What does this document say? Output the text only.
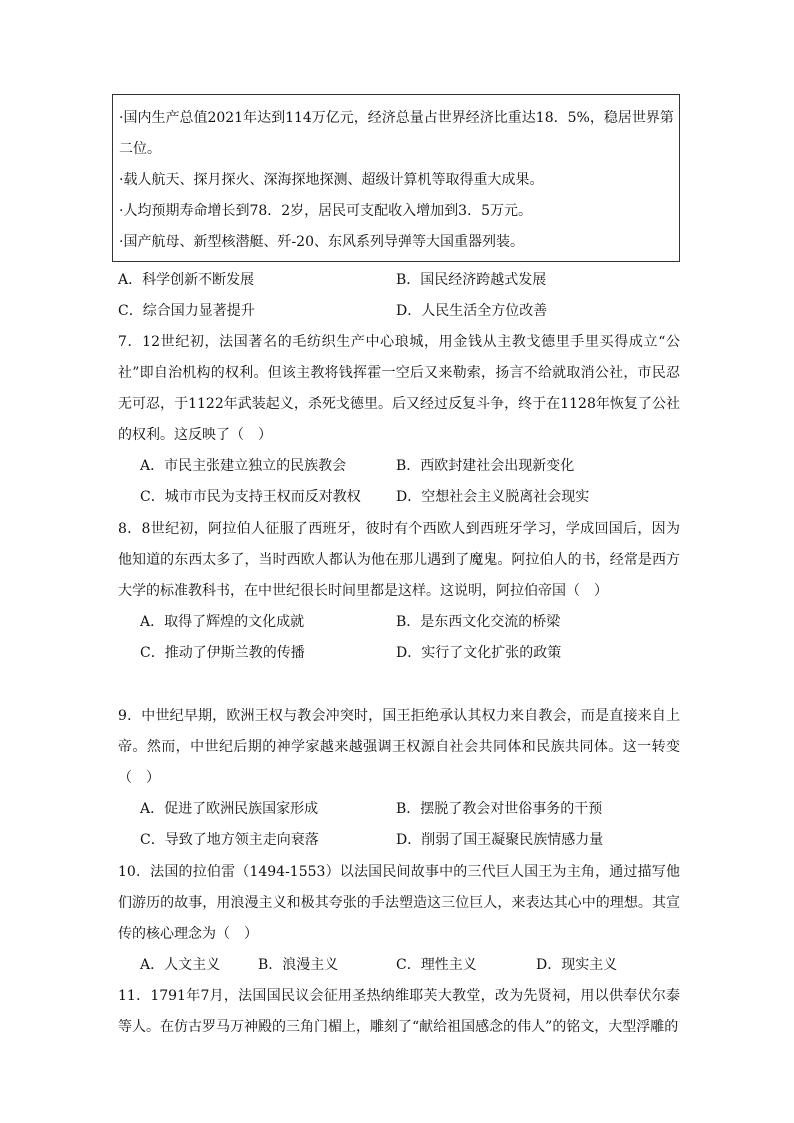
·国内生产总值2021年达到114万亿元，经济总量占世界经济比重达18．5%，稳居世界第
二位。
·载人航天、探月探火、深海探地探测、超级计算机等取得重大成果。
·人均预期寿命增长到78．2岁，居民可支配收入增加到3．5万元。
·国产航母、新型核潜艇、歼-20、东风系列导弹等大国重器列装。
A．科学创新不断发展	B．国民经济跨越式发展
C．综合国力显著提升	D．人民生活全方位改善
7．12世纪初，法国著名的毛纺织生产中心琅城，用金钱从主教戈德里手里买得成立“公社”即自治机构的权利。但该主教将钱挥霍一空后又来勒索，扬言不给就取消公社，市民忍无可忍，于1122年武装起义，杀死戈德里。后又经过反复斗争，终于在1128年恢复了公社的权利。这反映了（　）
A．市民主张建立独立的民族教会	B．西欧封建社会出现新变化
C．城市市民为支持王权而反对教权	D．空想社会主义脱离社会现实
8．8世纪初，阿拉伯人征服了西班牙，彼时有个西欧人到西班牙学习，学成回国后，因为他知道的东西太多了，当时西欧人都认为他在那儿遇到了魔鬼。阿拉伯人的书，经常是西方大学的标准教科书，在中世纪很长时间里都是这样。这说明，阿拉伯帝国（　）
A．取得了辉煌的文化成就	B．是东西文化交流的桥梁
C．推动了伊斯兰教的传播	D．实行了文化扩张的政策
9．中世纪早期，欧洲王权与教会冲突时，国王拒绝承认其权力来自教会，而是直接来自上帝。然而，中世纪后期的神学家越来越强调王权源自社会共同体和民族共同体。这一转变（　）
A．促进了欧洲民族国家形成	B．摆脱了教会对世俗事务的干预
C．导致了地方领主走向衰落	D．削弱了国王凝聚民族情感力量
10．法国的拉伯雷（1494-1553）以法国民间故事中的三代巨人国王为主角，通过描写他们游历的故事，用浪漫主义和极其夸张的手法塑造这三位巨人，来表达其心中的理想。其宣传的核心理念为（　）
A．人文主义	B．浪漫主义	C．理性主义	D．现实主义
11．1791年7月，法国国民议会征用圣热纳维耶芙大教堂，改为先贤祠，用以供奉伏尔泰等人。在仿古罗马万神殿的三角门楣上，雕刻了“献给祖国感念的伟人”的铭文，大型浮雕的
